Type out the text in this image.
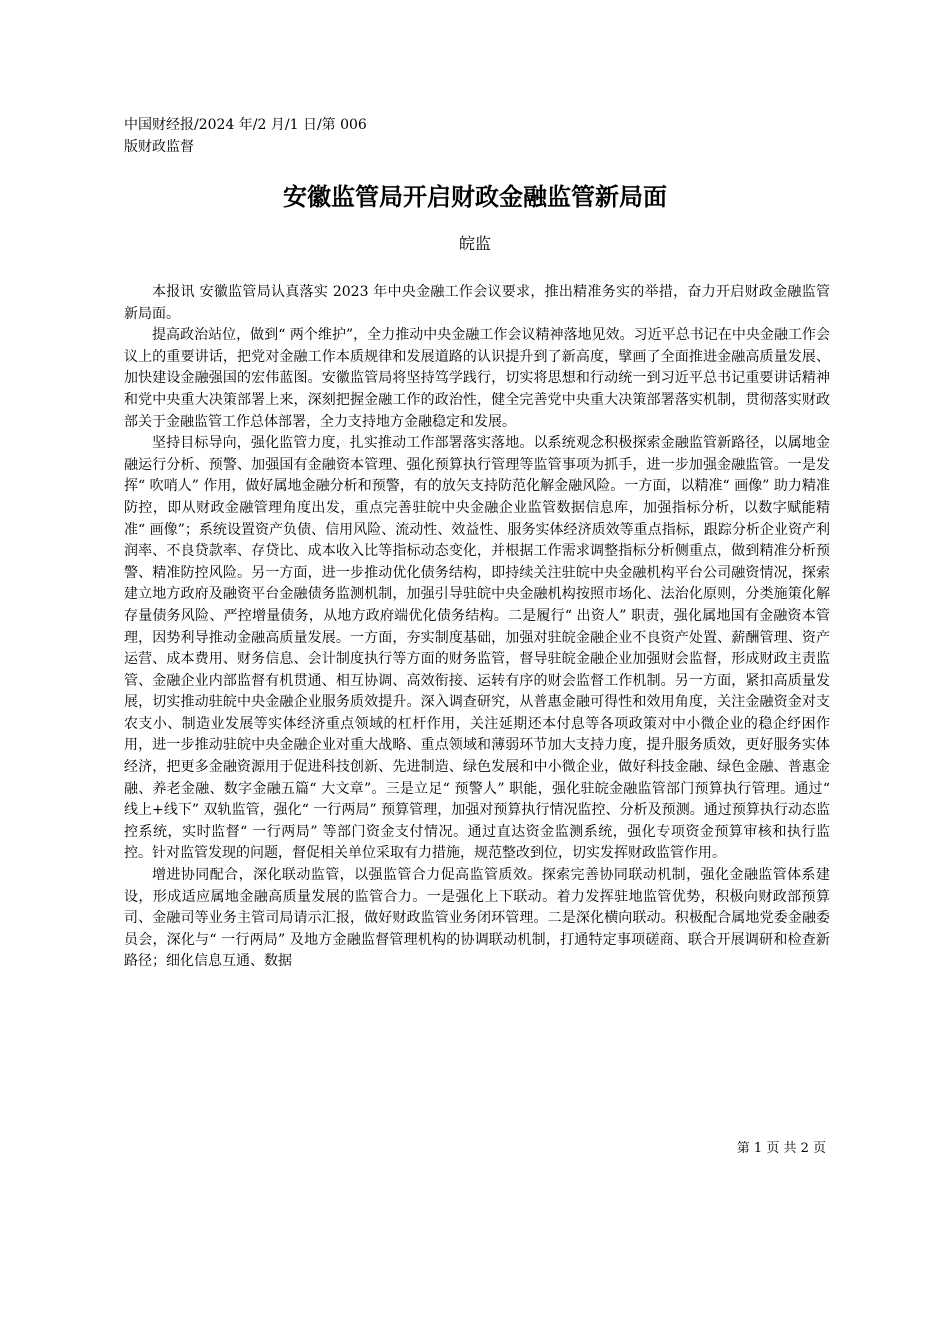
中国财经报/2024 年/2 月/1 日/第 006
版财政监督
安徽监管局开启财政金融监管新局面
皖监

本报讯 安徽监管局认真落实 2023 年中央金融工作会议要求，推出精准务实的举措，奋力开启财政金融监管新局面。

提高政治站位，做到“ 两个维护”，全力推动中央金融工作会议精神落地见效。习近平总书记在中央金融工作会议上的重要讲话，把党对金融工作本质规律和发展道路的认识提升到了新高度，擘画了全面推进金融高质量发展、加快建设金融强国的宏伟蓝图。安徽监管局将坚持笃学践行，切实将思想和行动统一到习近平总书记重要讲话精神和党中央重大决策部署上来，深刻把握金融工作的政治性，健全完善党中央重大决策部署落实机制，贯彻落实财政部关于金融监管工作总体部署，全力支持地方金融稳定和发展。

坚持目标导向，强化监管力度，扎实推动工作部署落实落地。以系统观念积极探索金融监管新路径，以属地金融运行分析、预警、加强国有金融资本管理、强化预算执行管理等监管事项为抓手，进一步加强金融监管。一是发挥“ 吹哨人” 作用，做好属地金融分析和预警，有的放矢支持防范化解金融风险。一方面，以精准“ 画像” 助力精准防控，即从财政金融管理角度出发，重点完善驻皖中央金融企业监管数据信息库，加强指标分析，以数字赋能精准“ 画像”；系统设置资产负债、信用风险、流动性、效益性、服务实体经济质效等重点指标，跟踪分析企业资产利润率、不良贷款率、存贷比、成本收入比等指标动态变化，并根据工作需求调整指标分析侧重点，做到精准分析预警、精准防控风险。另一方面，进一步推动优化债务结构，即持续关注驻皖中央金融机构平台公司融资情况，探索建立地方政府及融资平台金融债务监测机制，加强引导驻皖中央金融机构按照市场化、法治化原则，分类施策化解存量债务风险、严控增量债务，从地方政府端优化债务结构。二是履行“ 出资人” 职责，强化属地国有金融资本管理，因势利导推动金融高质量发展。一方面，夯实制度基础，加强对驻皖金融企业不良资产处置、薪酬管理、资产运营、成本费用、财务信息、会计制度执行等方面的财务监管，督导驻皖金融企业加强财会监督，形成财政主责监管、金融企业内部监督有机贯通、相互协调、高效衔接、运转有序的财会监督工作机制。另一方面，紧扣高质量发展，切实推动驻皖中央金融企业服务质效提升。深入调查研究，从普惠金融可得性和效用角度，关注金融资金对支农支小、制造业发展等实体经济重点领域的杠杆作用，关注延期还本付息等各项政策对中小微企业的稳企纾困作用，进一步推动驻皖中央金融企业对重大战略、重点领域和薄弱环节加大支持力度，提升服务质效，更好服务实体经济，把更多金融资源用于促进科技创新、先进制造、绿色发展和中小微企业，做好科技金融、绿色金融、普惠金融、养老金融、数字金融五篇“ 大文章”。三是立足“ 预警人” 职能，强化驻皖金融监管部门预算执行管理。通过“ 线上+线下” 双轨监管，强化“ 一行两局” 预算管理，加强对预算执行情况监控、分析及预测。通过预算执行动态监控系统，实时监督“ 一行两局” 等部门资金支付情况。通过直达资金监测系统，强化专项资金预算审核和执行监控。针对监管发现的问题，督促相关单位采取有力措施，规范整改到位，切实发挥财政监管作用。

增进协同配合，深化联动监管，以强监管合力促高监管质效。探索完善协同联动机制，强化金融监管体系建设，形成适应属地金融高质量发展的监管合力。一是强化上下联动。着力发挥驻地监管优势，积极向财政部预算司、金融司等业务主管司局请示汇报，做好财政监管业务闭环管理。二是深化横向联动。积极配合属地党委金融委员会，深化与“ 一行两局” 及地方金融监督管理机构的协调联动机制，打通特定事项磋商、联合开展调研和检查新路径；细化信息互通、数据

第 1 页 共 2 页
